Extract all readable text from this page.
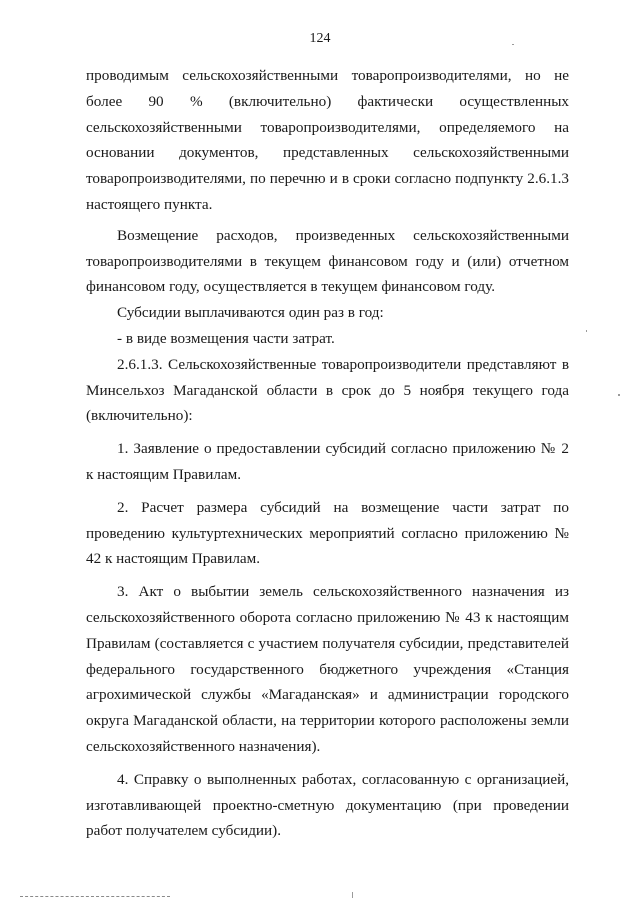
124

проводимым сельскохозяйственными товаропроизводителями, но не более 90 % (включительно) фактически осуществленных сельскохозяйственными товаропроизводителями, определяемого на основании документов, представленных сельскохозяйственными товаропроизводителями, по перечню и в сроки согласно подпункту 2.6.1.3 настоящего пункта.

Возмещение расходов, произведенных сельскохозяйственными товаропроизводителями в текущем финансовом году и (или) отчетном финансовом году, осуществляется в текущем финансовом году.

Субсидии выплачиваются один раз в год:

- в виде возмещения части затрат.

2.6.1.3. Сельскохозяйственные товаропроизводители представляют в Минсельхоз Магаданской области в срок до 5 ноября текущего года (включительно):

1. Заявление о предоставлении субсидий согласно приложению № 2 к настоящим Правилам.

2. Расчет размера субсидий на возмещение части затрат по проведению культуртехнических мероприятий согласно приложению № 42 к настоящим Правилам.

3. Акт о выбытии земель сельскохозяйственного назначения из сельскохозяйственного оборота согласно приложению № 43 к настоящим Правилам (составляется с участием получателя субсидии, представителей федерального государственного бюджетного учреждения «Станция агрохимической службы «Магаданская» и администрации городского округа Магаданской области, на территории которого расположены земли сельскохозяйственного назначения).

4. Справку о выполненных работах, согласованную с организацией, изготавливающей проектно-сметную документацию (при проведении работ получателем субсидии).
